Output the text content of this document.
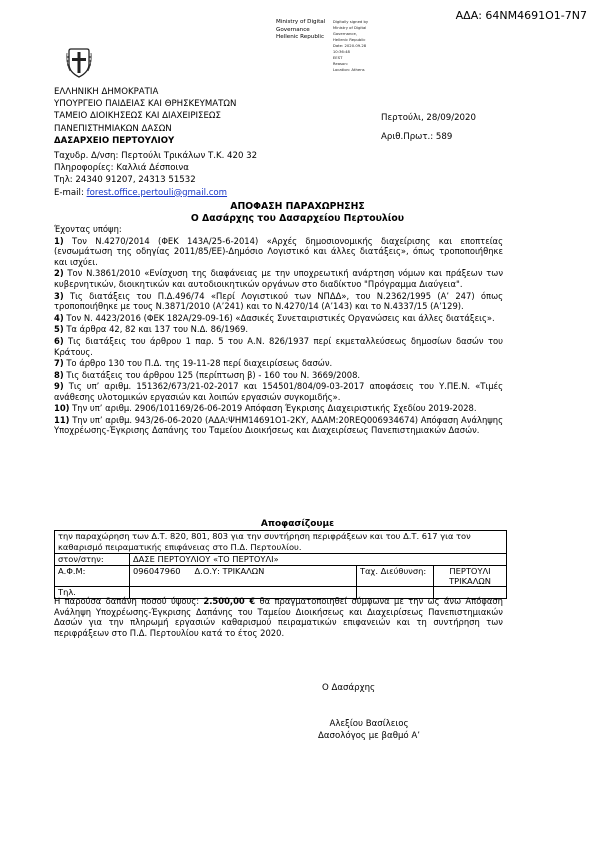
ΑΔΑ: 64ΝΜ4691Ο1-7Ν7
Ministry of Digital
Governance
Hellenic Republic
Digitally signed by Ministry of Digital
Governance,
Hellenic Republic
Date: 2020.09.28 10:36:48
EEST
Reason:
Location: Athens
ΕΛΛΗΝΙΚΗ ΔΗΜΟΚΡΑΤΙΑ
ΥΠΟΥΡΓΕΙΟ ΠΑΙΔΕΙΑΣ ΚΑΙ ΘΡΗΣΚΕΥΜΑΤΩΝ
ΤΑΜΕΙΟ ΔΙΟΙΚΗΣΕΩΣ ΚΑΙ ΔΙΑΧΕΙΡΙΣΕΩΣ
ΠΑΝΕΠΙΣΤΗΜΙΑΚΩΝ ΔΑΣΩΝ
ΔΑΣΑΡΧΕΙΟ ΠΕΡΤΟΥΛΙΟΥ
Περτούλι, 28/09/2020
Αριθ.Πρωτ.: 589
Ταχυδρ. Δ/νση: Περτούλι Τρικάλων Τ.Κ. 420 32
Πληροφορίες: Καλλιά Δέσποινα
Τηλ: 24340 91207, 24313 51532
E-mail: forest.office.pertouli@gmail.com
ΑΠΟΦΑΣΗ ΠΑΡΑΧΩΡΗΣΗΣ
Ο Δασάρχης του Δασαρχείου Περτουλίου

Έχοντας υπόψη:

1) Τον Ν.4270/2014 (ΦΕΚ 143Α/25-6-2014) «Αρχές δημοσιονομικής διαχείρισης και εποπτείας (ενσωμάτωση της οδηγίας 2011/85/ΕΕ)-Δημόσιο Λογιστικό και άλλες διατάξεις», όπως τροποποιήθηκε και ισχύει.

2) Τον Ν.3861/2010 «Ενίσχυση της διαφάνειας με την υποχρεωτική ανάρτηση νόμων και πράξεων των κυβερνητικών, διοικητικών και αυτοδιοικητικών οργάνων στο διαδίκτυο "Πρόγραμμα Διαύγεια".

3) Τις διατάξεις του Π.Δ.496/74 «Περί Λογιστικού των ΝΠΔΔ», του Ν.2362/1995 (Α’ 247) όπως τροποποιήθηκε με τους Ν.3871/2010 (Α’241) και το Ν.4270/14 (Α’143) και το Ν.4337/15 (Α’129).

4) Τον Ν. 4423/2016 (ΦΕΚ 182Α/29-09-16) «Δασικές Συνεταιριστικές Οργανώσεις και άλλες διατάξεις».

5) Τα άρθρα 42, 82 και 137 του Ν.Δ. 86/1969.

6) Τις διατάξεις του άρθρου 1 παρ. 5 του Α.Ν. 826/1937 περί εκμεταλλεύσεως δημοσίων δασών του Κράτους.

7) Το άρθρο 130 του Π.Δ. της 19-11-28 περί διαχειρίσεως δασών.

8) Τις διατάξεις του άρθρου 125 (περίπτωση β) - 160 του Ν. 3669/2008.

9) Τις υπ’ αριθμ. 151362/673/21-02-2017 και 154501/804/09-03-2017 αποφάσεις του Υ.ΠΕ.Ν. «Τιμές ανάθεσης υλοτομικών εργασιών και λοιπών εργασιών συγκομιδής».

10) Την υπ’ αριθμ. 2906/101169/26-06-2019 Απόφαση Έγκρισης Διαχειριστικής Σχεδίου 2019-2028.

11) Την υπ’ αριθμ. 943/26-06-2020 (ΑΔΑ:ΨΗΜ14691Ο1-2ΚΥ, ΑΔΑΜ:20REQ006934674) Απόφαση Ανάληψης Υποχρέωσης-Έγκρισης Δαπάνης του Ταμείου Διοικήσεως και Διαχειρίσεως Πανεπιστημιακών Δασών.

Αποφασίζουμε
την παραχώρηση των Δ.Τ. 820, 801, 803 για την συντήρηση περιφράξεων και του Δ.Τ. 617 για τον καθαρισμό πειραματικής επιφάνειας στο Π.Δ. Περτουλίου.			
στον/στην:	ΔΑΣΕ ΠΕΡΤΟΥΛΙΟΥ «ΤΟ ΠΕΡΤΟΥΛΙ»		
Α.Φ.Μ:	096047960 Δ.Ο.Υ: ΤΡΙΚΑΛΩΝ	Ταχ. Διεύθυνση:	ΠΕΡΤΟΥΛΙ ΤΡΙΚΑΛΩΝ
Τηλ.			
Η παρούσα δαπάνη ποσού ύψους: 2.500,00 € θα πραγματοποιηθεί σύμφωνα με την ως άνω Απόφαση Ανάληψη Υποχρέωσης-Έγκρισης Δαπάνης του Ταμείου Διοικήσεως και Διαχειρίσεως Πανεπιστημιακών Δασών για την πληρωμή εργασιών καθαρισμού πειραματικών επιφανειών και τη συντήρηση των περιφράξεων στο Π.Δ. Περτουλίου κατά το έτος 2020.
Ο Δασάρχης
Αλεξίου Βασίλειος
Δασολόγος με βαθμό Α’
